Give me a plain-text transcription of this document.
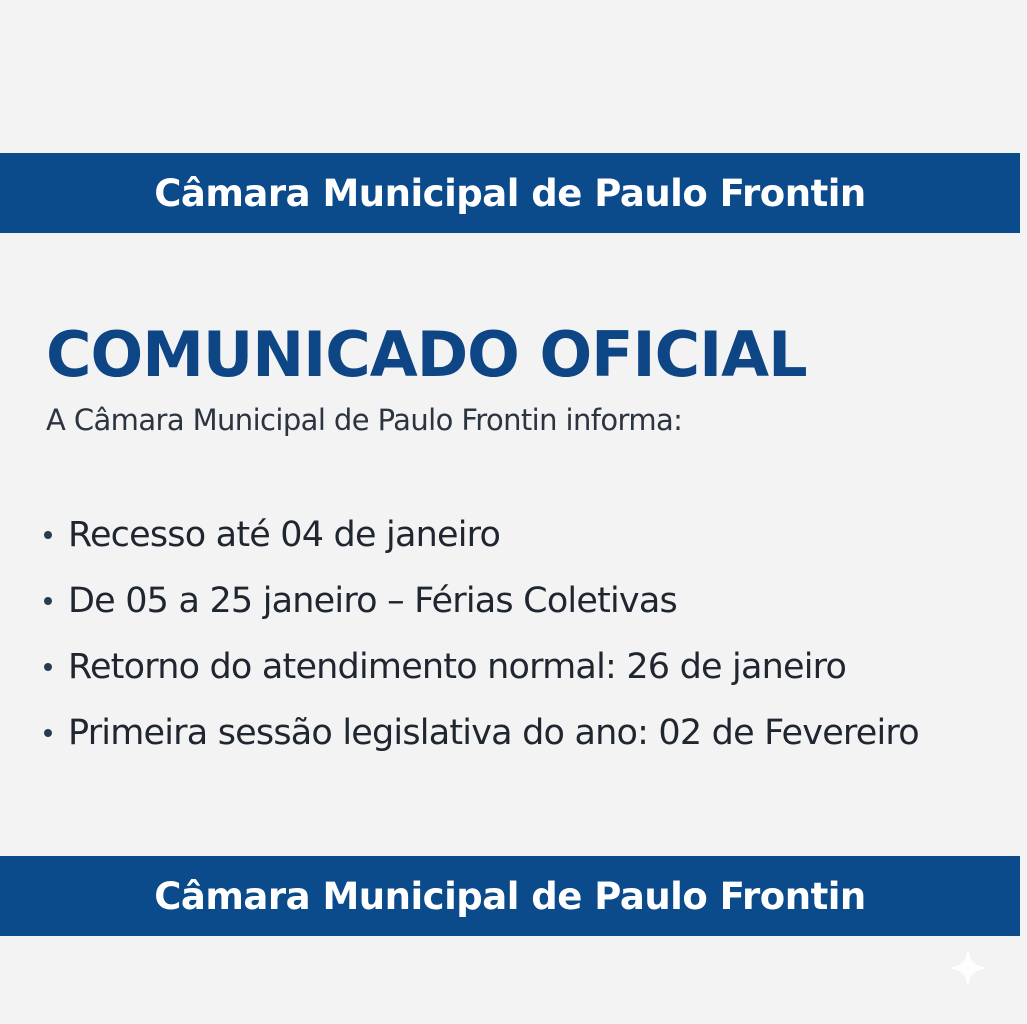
Câmara Municipal de Paulo Frontin
COMUNICADO OFICIAL

A Câmara Municipal de Paulo Frontin informa:

Recesso até 04 de janeiro
De 05 a 25 janeiro – Férias Coletivas
Retorno do atendimento normal: 26 de janeiro
Primeira sessão legislativa do ano: 02 de Fevereiro
Câmara Municipal de Paulo Frontin
